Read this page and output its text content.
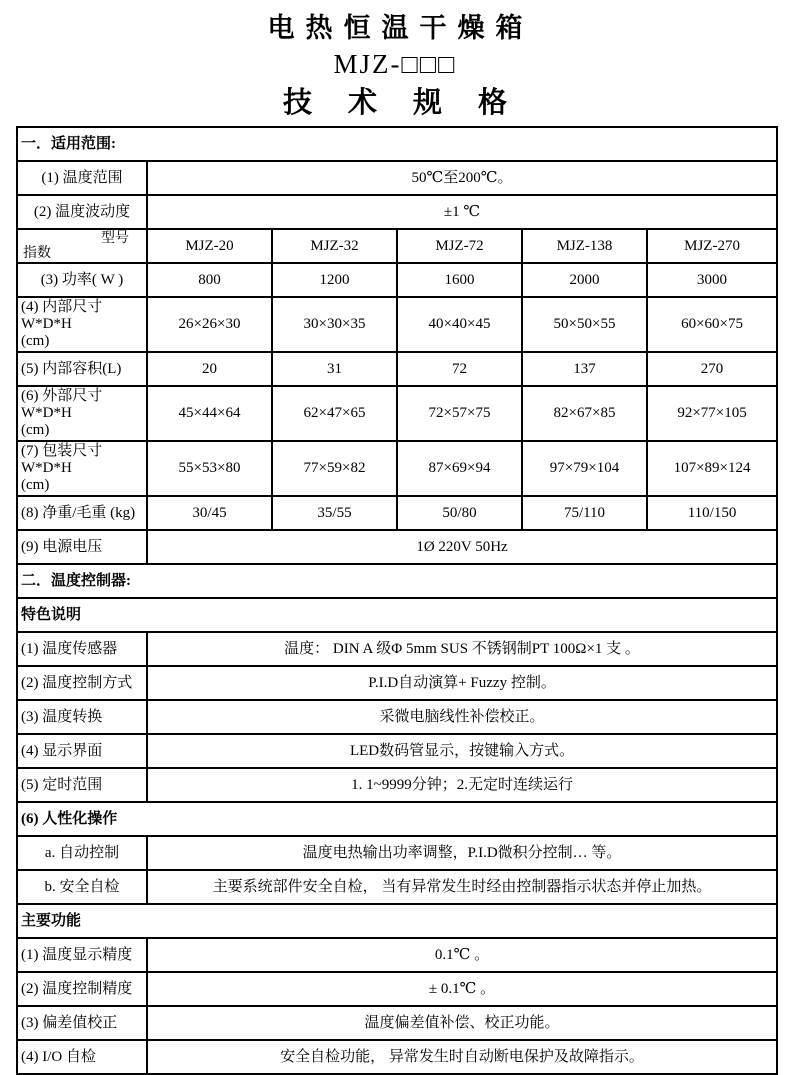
电热恒温干燥箱
MJZ-□□□
技术规格
一．适用范围:					
(1) 温度范围	50℃至200℃。				
(2) 温度波动度	±1 ℃				

型号
指数	MJZ-20	MJZ-32	MJZ-72	MJZ-138	MJZ-270
(3) 功率( W )	800	1200	1600	2000	3000
(4) 内部尺寸W*D*H
(cm)	26×26×30	30×30×35	40×40×45	50×50×55	60×60×75
(5) 内部容积(L)	20	31	72	137	270
(6) 外部尺寸W*D*H
(cm)	45×44×64	62×47×65	72×57×75	82×67×85	92×77×105
(7) 包装尺寸W*D*H
(cm)	55×53×80	77×59×82	87×69×94	97×79×104	107×89×124
(8) 净重/毛重 (kg)	30/45	35/55	50/80	75/110	110/150
(9) 电源电压	1Ø 220V 50Hz				
二．温度控制器:					
特色说明					
(1) 温度传感器	温度： DIN A 级Φ 5mm SUS 不锈钢制PT 100Ω×1 支 。				
(2) 温度控制方式	P.I.D自动演算+ Fuzzy 控制。				
(3) 温度转换	采微电脑线性补偿校正。				
(4) 显示界面	LED数码管显示，按键输入方式。				
(5) 定时范围	1. 1~9999分钟；2.无定时连续运行				
(6) 人性化操作					
a. 自动控制	温度电热输出功率调整，P.I.D微积分控制… 等。				
b. 安全自检	主要系统部件安全自检， 当有异常发生时经由控制器指示状态并停止加热。				
主要功能					
(1) 温度显示精度	0.1℃ 。				
(2) 温度控制精度	± 0.1℃ 。				
(3) 偏差值校正	温度偏差值补偿、校正功能。				
(4) I/O 自检	安全自检功能， 异常发生时自动断电保护及故障指示。				
